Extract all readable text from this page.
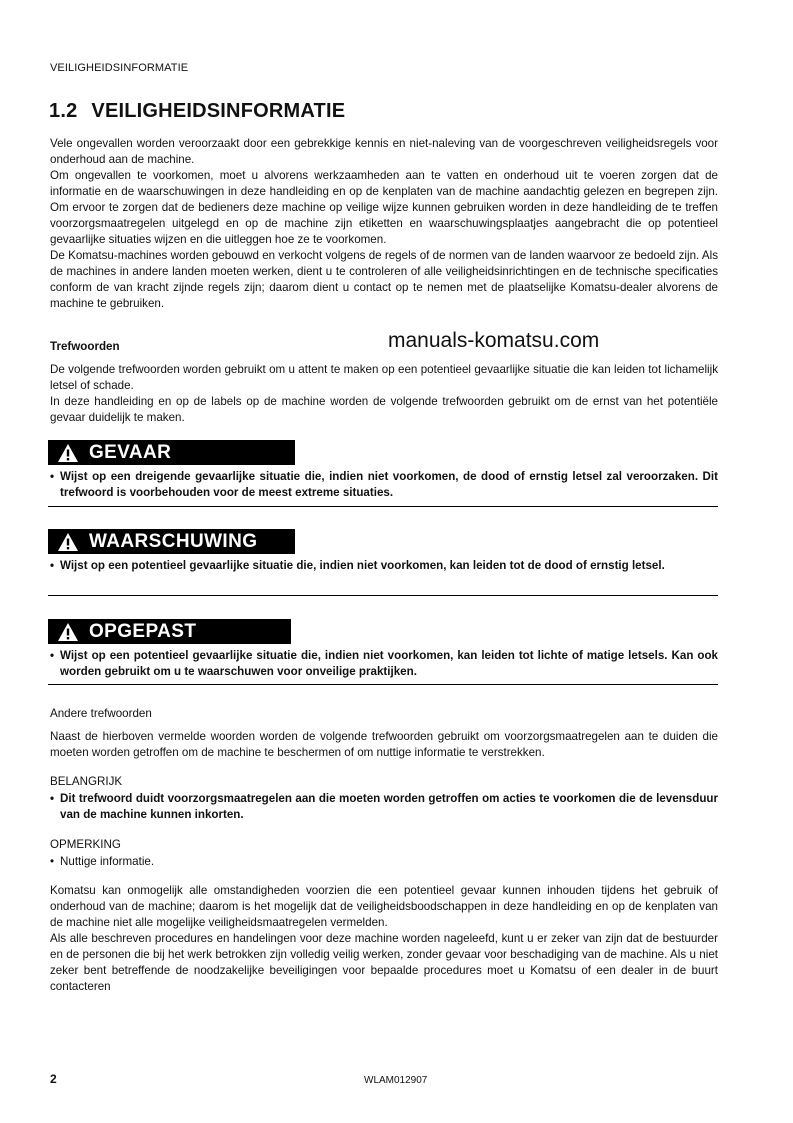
VEILIGHEIDSINFORMATIE
1.2 VEILIGHEIDSINFORMATIE

Vele ongevallen worden veroorzaakt door een gebrekkige kennis en niet-naleving van de voorgeschreven veiligheidsregels voor onderhoud aan de machine.

Om ongevallen te voorkomen, moet u alvorens werkzaamheden aan te vatten en onderhoud uit te voeren zorgen dat de informatie en de waarschuwingen in deze handleiding en op de kenplaten van de machine aandachtig gelezen en begrepen zijn. Om ervoor te zorgen dat de bedieners deze machine op veilige wijze kunnen gebruiken worden in deze handleiding de te treffen voorzorgsmaatregelen uitgelegd en op de machine zijn etiketten en waarschuwingsplaatjes aangebracht die op potentieel gevaarlijke situaties wijzen en die uitleggen hoe ze te voorkomen.

De Komatsu-machines worden gebouwd en verkocht volgens de regels of de normen van de landen waarvoor ze bedoeld zijn. Als de machines in andere landen moeten werken, dient u te controleren of alle veiligheidsinrichtingen en de technische specificaties conform de van kracht zijnde regels zijn; daarom dient u contact op te nemen met de plaatselijke Komatsu-dealer alvorens de machine te gebruiken.

Trefwoorden	manuals-komatsu.com

De volgende trefwoorden worden gebruikt om u attent te maken op een potentieel gevaarlijke situatie die kan leiden tot lichamelijk letsel of schade.

In deze handleiding en op de labels op de machine worden de volgende trefwoorden gebruikt om de ernst van het potentiële gevaar duidelijk te maken.

GEVAAR
• Wijst op een dreigende gevaarlijke situatie die, indien niet voorkomen, de dood of ernstig letsel zal veroorzaken. Dit trefwoord is voorbehouden voor de meest extreme situaties.
WAARSCHUWING
• Wijst op een potentieel gevaarlijke situatie die, indien niet voorkomen, kan leiden tot de dood of ernstig letsel.
OPGEPAST
• Wijst op een potentieel gevaarlijke situatie die, indien niet voorkomen, kan leiden tot lichte of matige letsels. Kan ook worden gebruikt om u te waarschuwen voor onveilige praktijken.
Andere trefwoorden

Naast de hierboven vermelde woorden worden de volgende trefwoorden gebruikt om voorzorgsmaatregelen aan te duiden die moeten worden getroffen om de machine te beschermen of om nuttige informatie te verstrekken.

BELANGRIJK
• Dit trefwoord duidt voorzorgsmaatregelen aan die moeten worden getroffen om acties te voorkomen die de levensduur van de machine kunnen inkorten.
OPMERKING
• Nuttige informatie.

Komatsu kan onmogelijk alle omstandigheden voorzien die een potentieel gevaar kunnen inhouden tijdens het gebruik of onderhoud van de machine; daarom is het mogelijk dat de veiligheidsboodschappen in deze handleiding en op de kenplaten van de machine niet alle mogelijke veiligheidsmaatregelen vermelden.

Als alle beschreven procedures en handelingen voor deze machine worden nageleefd, kunt u er zeker van zijn dat de bestuurder en de personen die bij het werk betrokken zijn volledig veilig werken, zonder gevaar voor beschadiging van de machine. Als u niet zeker bent betreffende de noodzakelijke beveiligingen voor bepaalde procedures moet u Komatsu of een dealer in de buurt contacteren

2	WLAM012907
